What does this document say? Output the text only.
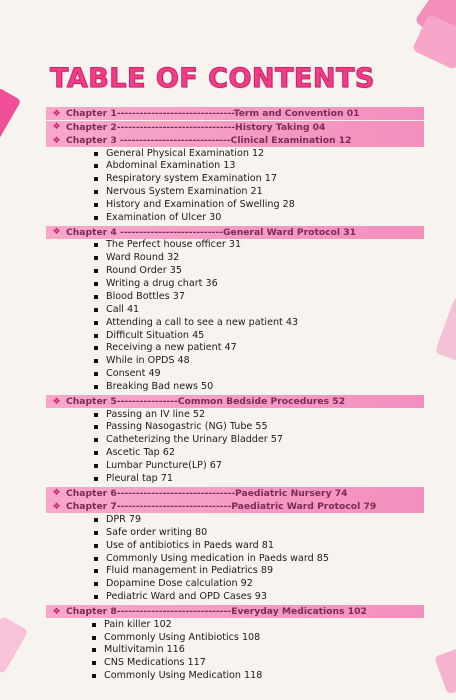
TABLE OF CONTENTS
❖ Chapter 1-------------------------------Term and Convention 01
❖ Chapter 2-------------------------------History Taking 04
❖ Chapter 3 -----------------------------Clinical Examination 12
General Physical Examination 12
Abdominal Examination 13
Respiratory system Examination 17
Nervous System Examination 21
History and Examination of Swelling 28
Examination of Ulcer 30
❖ Chapter 4 ---------------------------General Ward Protocol 31
The Perfect house officer 31
Ward Round 32
Round Order 35
Writing a drug chart 36
Blood Bottles 37
Call 41
Attending a call to see a new patient 43
Difficult Situation 45
Receiving a new patient 47
While in OPDS 48
Consent 49
Breaking Bad news 50
❖ Chapter 5----------------Common Bedside Procedures 52
Passing an IV line 52
Passing Nasogastric (NG) Tube 55
Catheterizing the Urinary Bladder 57
Ascetic Tap 62
Lumbar Puncture(LP) 67
Pleural tap 71
❖ Chapter 6-------------------------------Paediatric Nursery 74
❖ Chapter 7------------------------------Paediatric Ward Protocol 79
DPR 79
Safe order writing 80
Use of antibiotics in Paeds ward 81
Commonly Using medication in Paeds ward 85
Fluid management in Pediatrics 89
Dopamine Dose calculation 92
Pediatric Ward and OPD Cases 93
❖ Chapter 8------------------------------Everyday Medications 102
Pain killer 102
Commonly Using Antibiotics 108
Multivitamin 116
CNS Medications 117
Commonly Using Medication 118
